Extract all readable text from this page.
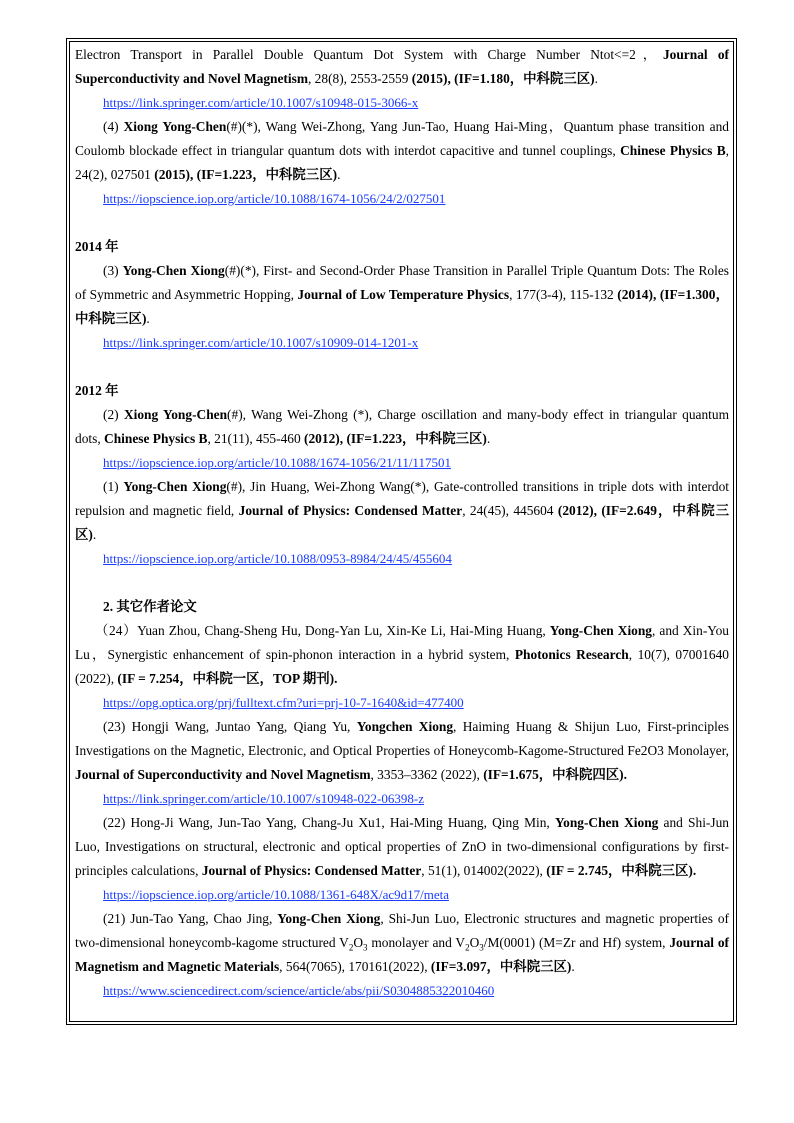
Electron Transport in Parallel Double Quantum Dot System with Charge Number Ntot<=2，Journal of Superconductivity and Novel Magnetism, 28(8), 2553-2559 (2015), (IF=1.180，中科院三区).

https://link.springer.com/article/10.1007/s10948-015-3066-x

(4) Xiong Yong-Chen(#)(*), Wang Wei-Zhong, Yang Jun-Tao, Huang Hai-Ming，Quantum phase transition and Coulomb blockade effect in triangular quantum dots with interdot capacitive and tunnel couplings, Chinese Physics B, 24(2), 027501 (2015), (IF=1.223，中科院三区).

https://iopscience.iop.org/article/10.1088/1674-1056/24/2/027501

2014 年

(3) Yong-Chen Xiong(#)(*), First- and Second-Order Phase Transition in Parallel Triple Quantum Dots: The Roles of Symmetric and Asymmetric Hopping, Journal of Low Temperature Physics, 177(3-4), 115-132 (2014), (IF=1.300，中科院三区).

https://link.springer.com/article/10.1007/s10909-014-1201-x

2012 年

(2) Xiong Yong-Chen(#), Wang Wei-Zhong (*), Charge oscillation and many-body effect in triangular quantum dots, Chinese Physics B, 21(11), 455-460 (2012), (IF=1.223，中科院三区).

https://iopscience.iop.org/article/10.1088/1674-1056/21/11/117501

(1) Yong-Chen Xiong(#), Jin Huang, Wei-Zhong Wang(*), Gate-controlled transitions in triple dots with interdot repulsion and magnetic field, Journal of Physics: Condensed Matter, 24(45), 445604 (2012), (IF=2.649，中科院三区).

https://iopscience.iop.org/article/10.1088/0953-8984/24/45/455604

2. 其它作者论文

（24）Yuan Zhou, Chang-Sheng Hu, Dong-Yan Lu, Xin-Ke Li, Hai-Ming Huang, Yong-Chen Xiong, and Xin-You Lu，Synergistic enhancement of spin-phonon interaction in a hybrid system, Photonics Research, 10(7), 07001640 (2022), (IF = 7.254，中科院一区，TOP 期刊).

https://opg.optica.org/prj/fulltext.cfm?uri=prj-10-7-1640&id=477400

(23) Hongji Wang, Juntao Yang, Qiang Yu, Yongchen Xiong, Haiming Huang & Shijun Luo, First-principles Investigations on the Magnetic, Electronic, and Optical Properties of Honeycomb-Kagome-Structured Fe2O3 Monolayer, Journal of Superconductivity and Novel Magnetism, 3353–3362 (2022), (IF=1.675，中科院四区).

https://link.springer.com/article/10.1007/s10948-022-06398-z

(22) Hong-Ji Wang, Jun-Tao Yang, Chang-Ju Xu1, Hai-Ming Huang, Qing Min, Yong-Chen Xiong and Shi-Jun Luo, Investigations on structural, electronic and optical properties of ZnO in two-dimensional configurations by first-principles calculations, Journal of Physics: Condensed Matter, 51(1), 014002(2022), (IF = 2.745，中科院三区).

https://iopscience.iop.org/article/10.1088/1361-648X/ac9d17/meta

(21) Jun-Tao Yang, Chao Jing, Yong-Chen Xiong, Shi-Jun Luo, Electronic structures and magnetic properties of two-dimensional honeycomb-kagome structured $V_2O_3$ monolayer and $V_2O_3/M(0001)$ (M=Zr and Hf) system, Journal of Magnetism and Magnetic Materials, 564(7065), 170161(2022), (IF=3.097，中科院三区).

https://www.sciencedirect.com/science/article/abs/pii/S0304885322010460
